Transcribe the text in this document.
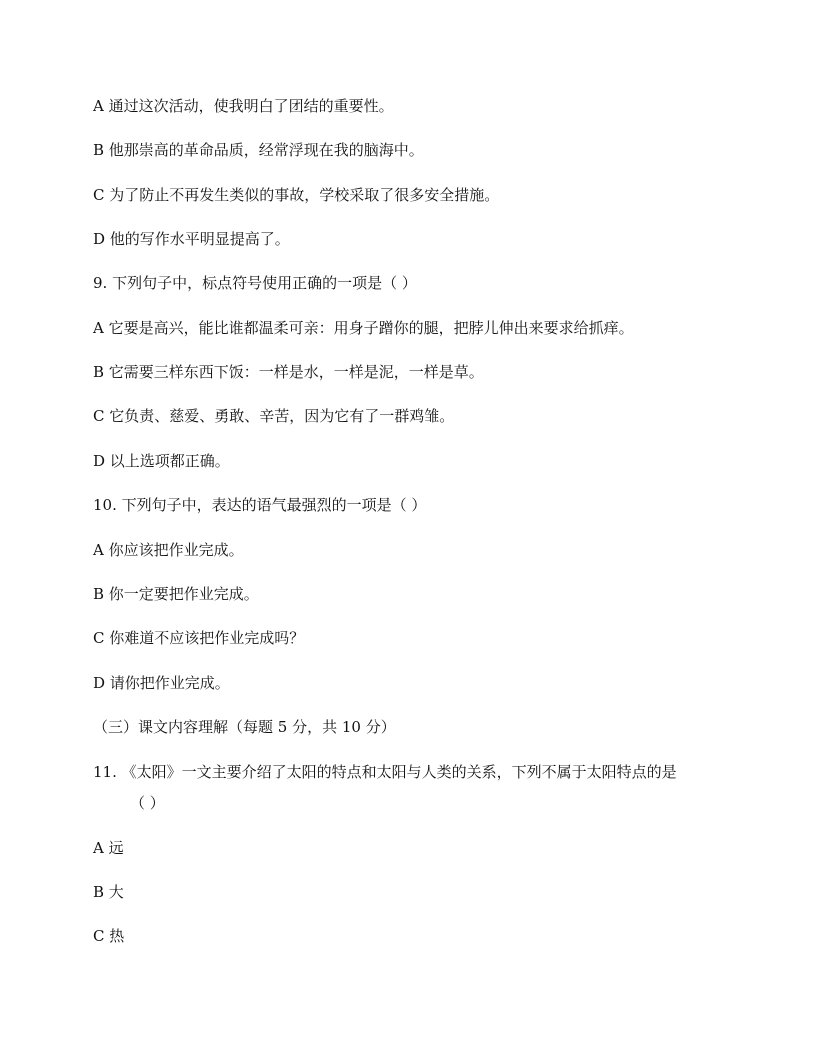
A 通过这次活动，使我明白了团结的重要性。
B 他那崇高的革命品质，经常浮现在我的脑海中。
C 为了防止不再发生类似的事故，学校采取了很多安全措施。
D 他的写作水平明显提高了。
9. 下列句子中，标点符号使用正确的一项是（ ）
A 它要是高兴，能比谁都温柔可亲：用身子蹭你的腿，把脖儿伸出来要求给抓痒。
B 它需要三样东西下饭：一样是水，一样是泥，一样是草。
C 它负责、慈爱、勇敢、辛苦，因为它有了一群鸡雏。
D 以上选项都正确。
10. 下列句子中，表达的语气最强烈的一项是（ ）
A 你应该把作业完成。
B 你一定要把作业完成。
C 你难道不应该把作业完成吗？
D 请你把作业完成。
（三）课文内容理解（每题 5 分，共 10 分）
11. 《太阳》一文主要介绍了太阳的特点和太阳与人类的关系，下列不属于太阳特点的是
（ ）
A 远
B 大
C 热
